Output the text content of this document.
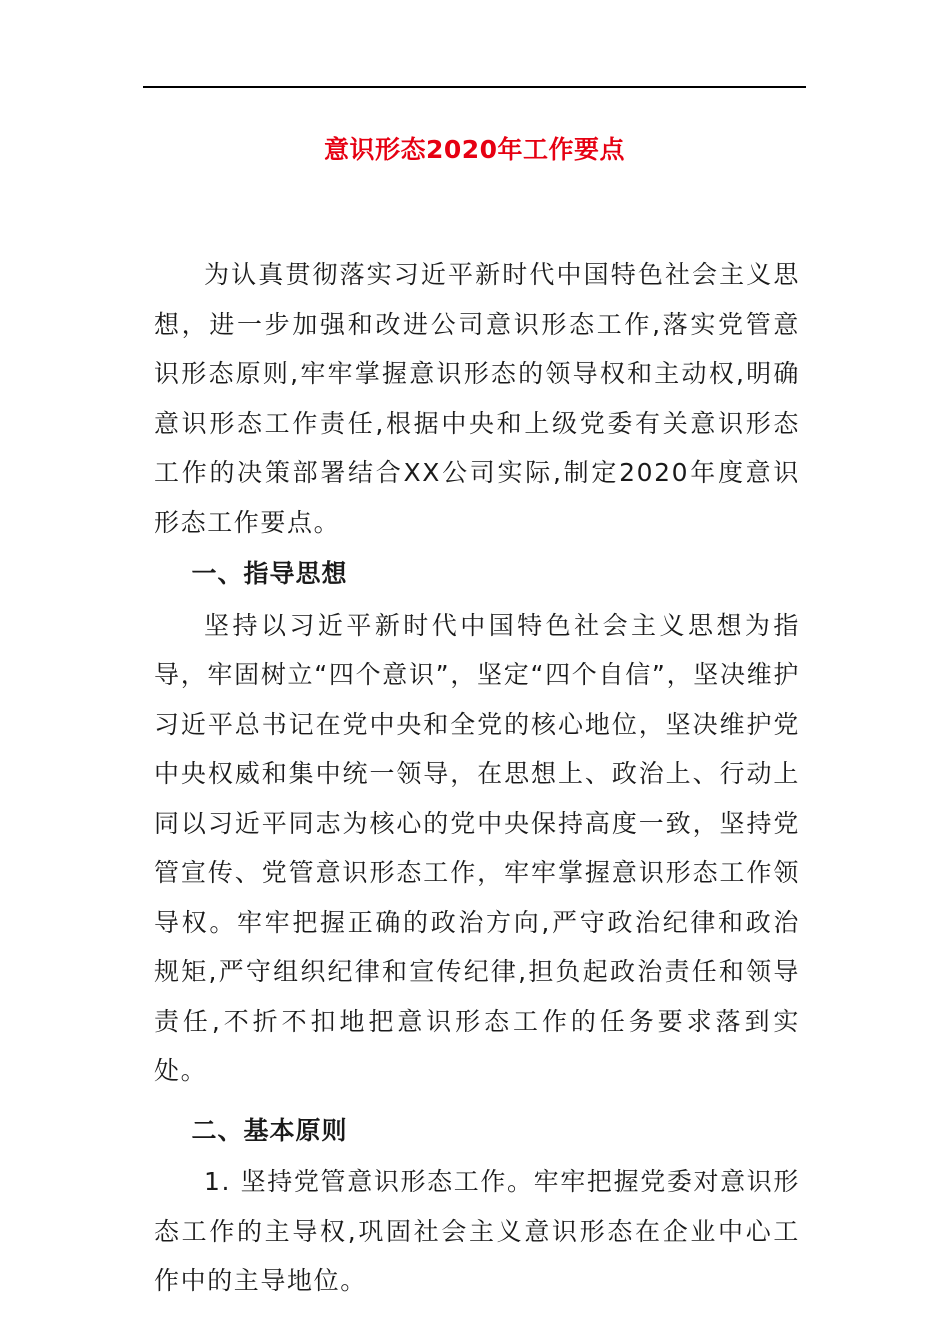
意识形态2020年工作要点

为认真贯彻落实习近平新时代中国特色社会主义思想，进一步加强和改进公司意识形态工作,落实党管意识形态原则,牢牢掌握意识形态的领导权和主动权,明确意识形态工作责任,根据中央和上级党委有关意识形态工作的决策部署结合XX公司实际,制定2020年度意识形态工作要点。

一、指导思想

坚持以习近平新时代中国特色社会主义思想为指导，牢固树立“四个意识”，坚定“四个自信”，坚决维护习近平总书记在党中央和全党的核心地位，坚决维护党中央权威和集中统一领导，在思想上、政治上、行动上同以习近平同志为核心的党中央保持高度一致，坚持党管宣传、党管意识形态工作，牢牢掌握意识形态工作领导权。牢牢把握正确的政治方向,严守政治纪律和政治规矩,严守组织纪律和宣传纪律,担负起政治责任和领导责任,不折不扣地把意识形态工作的任务要求落到实处。

二、基本原则

1. 坚持党管意识形态工作。牢牢把握党委对意识形态工作的主导权,巩固社会主义意识形态在企业中心工作中的主导地位。
